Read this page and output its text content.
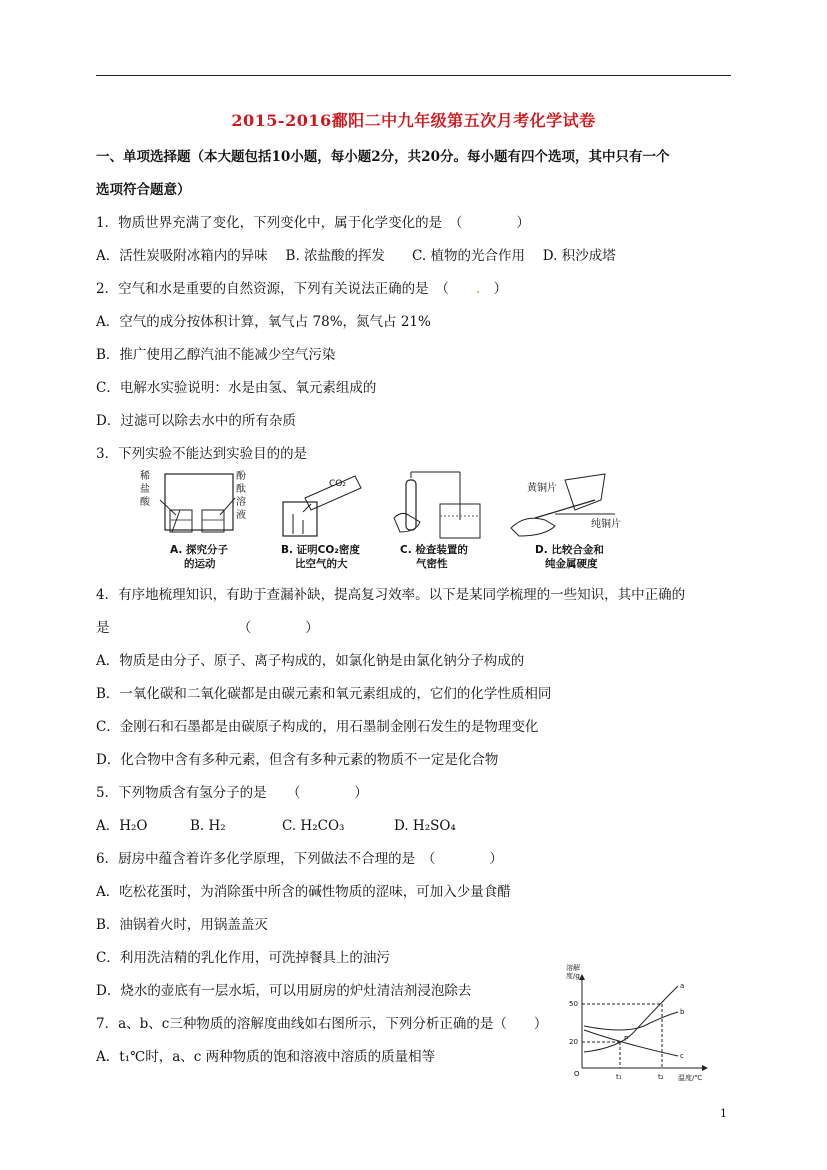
2015-2016鄱阳二中九年级第五次月考化学试卷
一、单项选择题（本大题包括10小题，每小题2分，共20分。每小题有四个选项，其中只有一个
选项符合题意）
1．物质世界充满了变化，下列变化中，属于化学变化的是　（　　　　）
A．活性炭吸附冰箱内的异味　 B. 浓盐酸的挥发　　C. 植物的光合作用　 D. 积沙成塔
2．空气和水是重要的自然资源，下列有关说法正确的是　（　　.　）
A．空气的成分按体积计算，氧气占 78%，氮气占 21%
B．推广使用乙醇汽油不能减少空气污染
C．电解水实验说明：水是由氢、氧元素组成的
D．过滤可以除去水中的所有杂质
3．下列实验不能达到实验目的的是
稀盐酸
酚酞溶液
A. 探究分子
的运动
CO₂
B. 证明CO₂密度
比空气的大
C. 检查装置的
气密性
黄铜片
纯铜片
D. 比较合金和
纯金属硬度
4．有序地梳理知识，有助于查漏补缺，提高复习效率。以下是某同学梳理的一些知识，其中正确的
是　　　　　　　　　　（　　　　）
A．物质是由分子、原子、离子构成的，如氯化钠是由氯化钠分子构成的
B．一氧化碳和二氧化碳都是由碳元素和氧元素组成的，它们的化学性质相同
C．金刚石和石墨都是由碳原子构成的，用石墨制金刚石发生的是物理变化
D．化合物中含有多种元素，但含有多种元素的物质不一定是化合物
5．下列物质含有氢分子的是　　（　　　　）
A．H₂O	B. H₂	C. H₂CO₃	D. H₂SO₄
6．厨房中蕴含着许多化学原理，下列做法不合理的是　（　　　　）
A．吃松花蛋时，为消除蛋中所含的碱性物质的涩味，可加入少量食醋
B．油锅着火时，用锅盖盖灭
C．利用洗洁精的乳化作用，可洗掉餐具上的油污
D．烧水的壶底有一层水垢，可以用厨房的炉灶清洁剂浸泡除去
7．a、b、c三种物质的溶解度曲线如右图所示，下列分析正确的是（　　）
A．t₁℃时，a、c 两种物质的饱和溶液中溶质的质量相等
溶解度/g
温度/℃
50
20
t₁	t₂
O
P
a
b
c
1
